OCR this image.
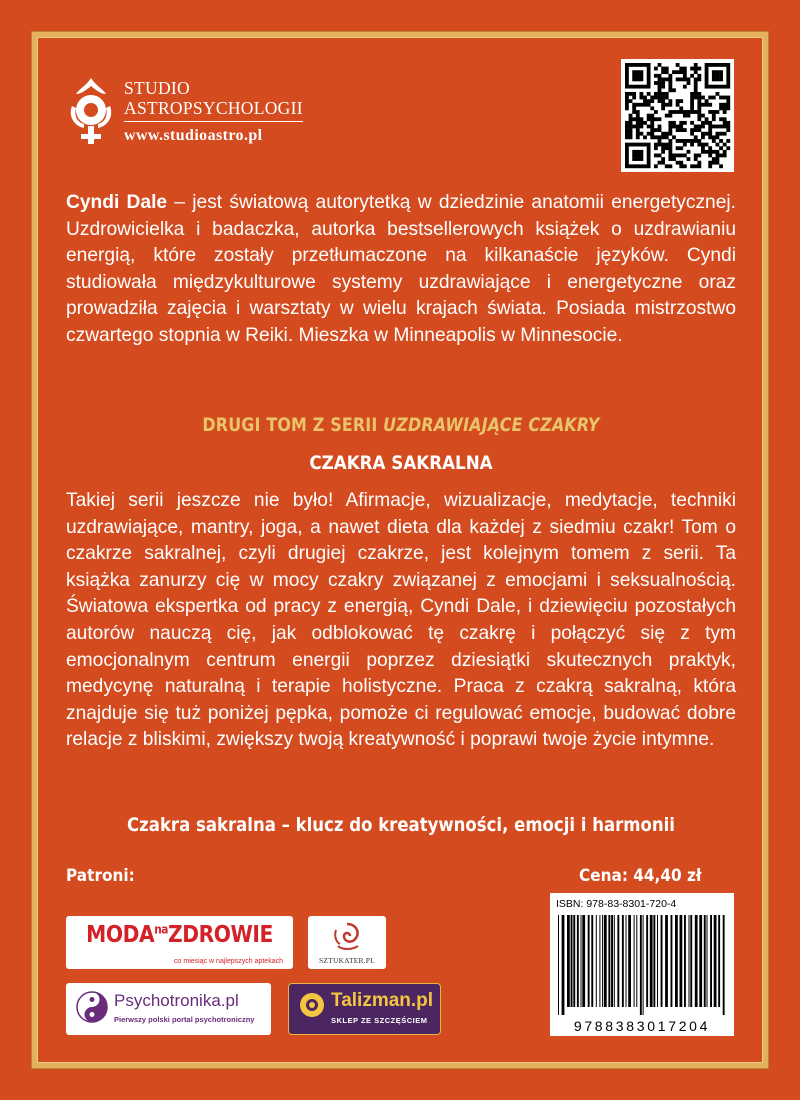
STUDIO
ASTROPSYCHOLOGII
www.studioastro.pl
Cyndi Dale – jest światową autorytetką w dziedzinie anatomii energetycznej. Uzdrowicielka i badaczka, autorka bestsellerowych książek o uzdrawianiu energią, które zostały przetłumaczone na kilkanaście języków. Cyndi studiowała międzykulturowe systemy uzdrawiające i energetyczne oraz prowadziła zajęcia i warsztaty w wielu krajach świata. Posiada mistrzostwo czwartego stopnia w Reiki. Mieszka w Minneapolis w Minnesocie.
DRUGI TOM Z SERII UZDRAWIAJĄCE CZAKRY
CZAKRA SAKRALNA
Takiej serii jeszcze nie było! Afirmacje, wizualizacje, medytacje, techniki uzdrawiające, mantry, joga, a nawet dieta dla każdej z siedmiu czakr! Tom o czakrze sakralnej, czyli drugiej czakrze, jest kolejnym tomem z serii. Ta książka zanurzy cię w mocy czakry związanej z emocjami i seksualnością. Światowa ekspertka od pracy z energią, Cyndi Dale, i dziewięciu pozostałych autorów nauczą cię, jak odblokować tę czakrę i połączyć się z tym emocjonalnym centrum energii poprzez dziesiątki skutecznych praktyk, medycynę naturalną i terapie holistyczne. Praca z czakrą sakralną, która znajduje się tuż poniżej pępka, pomoże ci regulować emocje, budować dobre relacje z bliskimi, zwiększy twoją kreatywność i poprawi twoje życie intymne.
Czakra sakralna – klucz do kreatywności, emocji i harmonii
Patroni:	Cena: 44,40 zł
$MODA^{na}ZDROWIE$
co miesiąc w najlepszych aptekach	SZTUKATER.PL
Psychotronika.pl
Pierwszy polski portal psychotroniczny
Talizman.pl
SKLEP ZE SZCZĘŚCIEM
ISBN: 978-83-8301-720-4
9788383017204
